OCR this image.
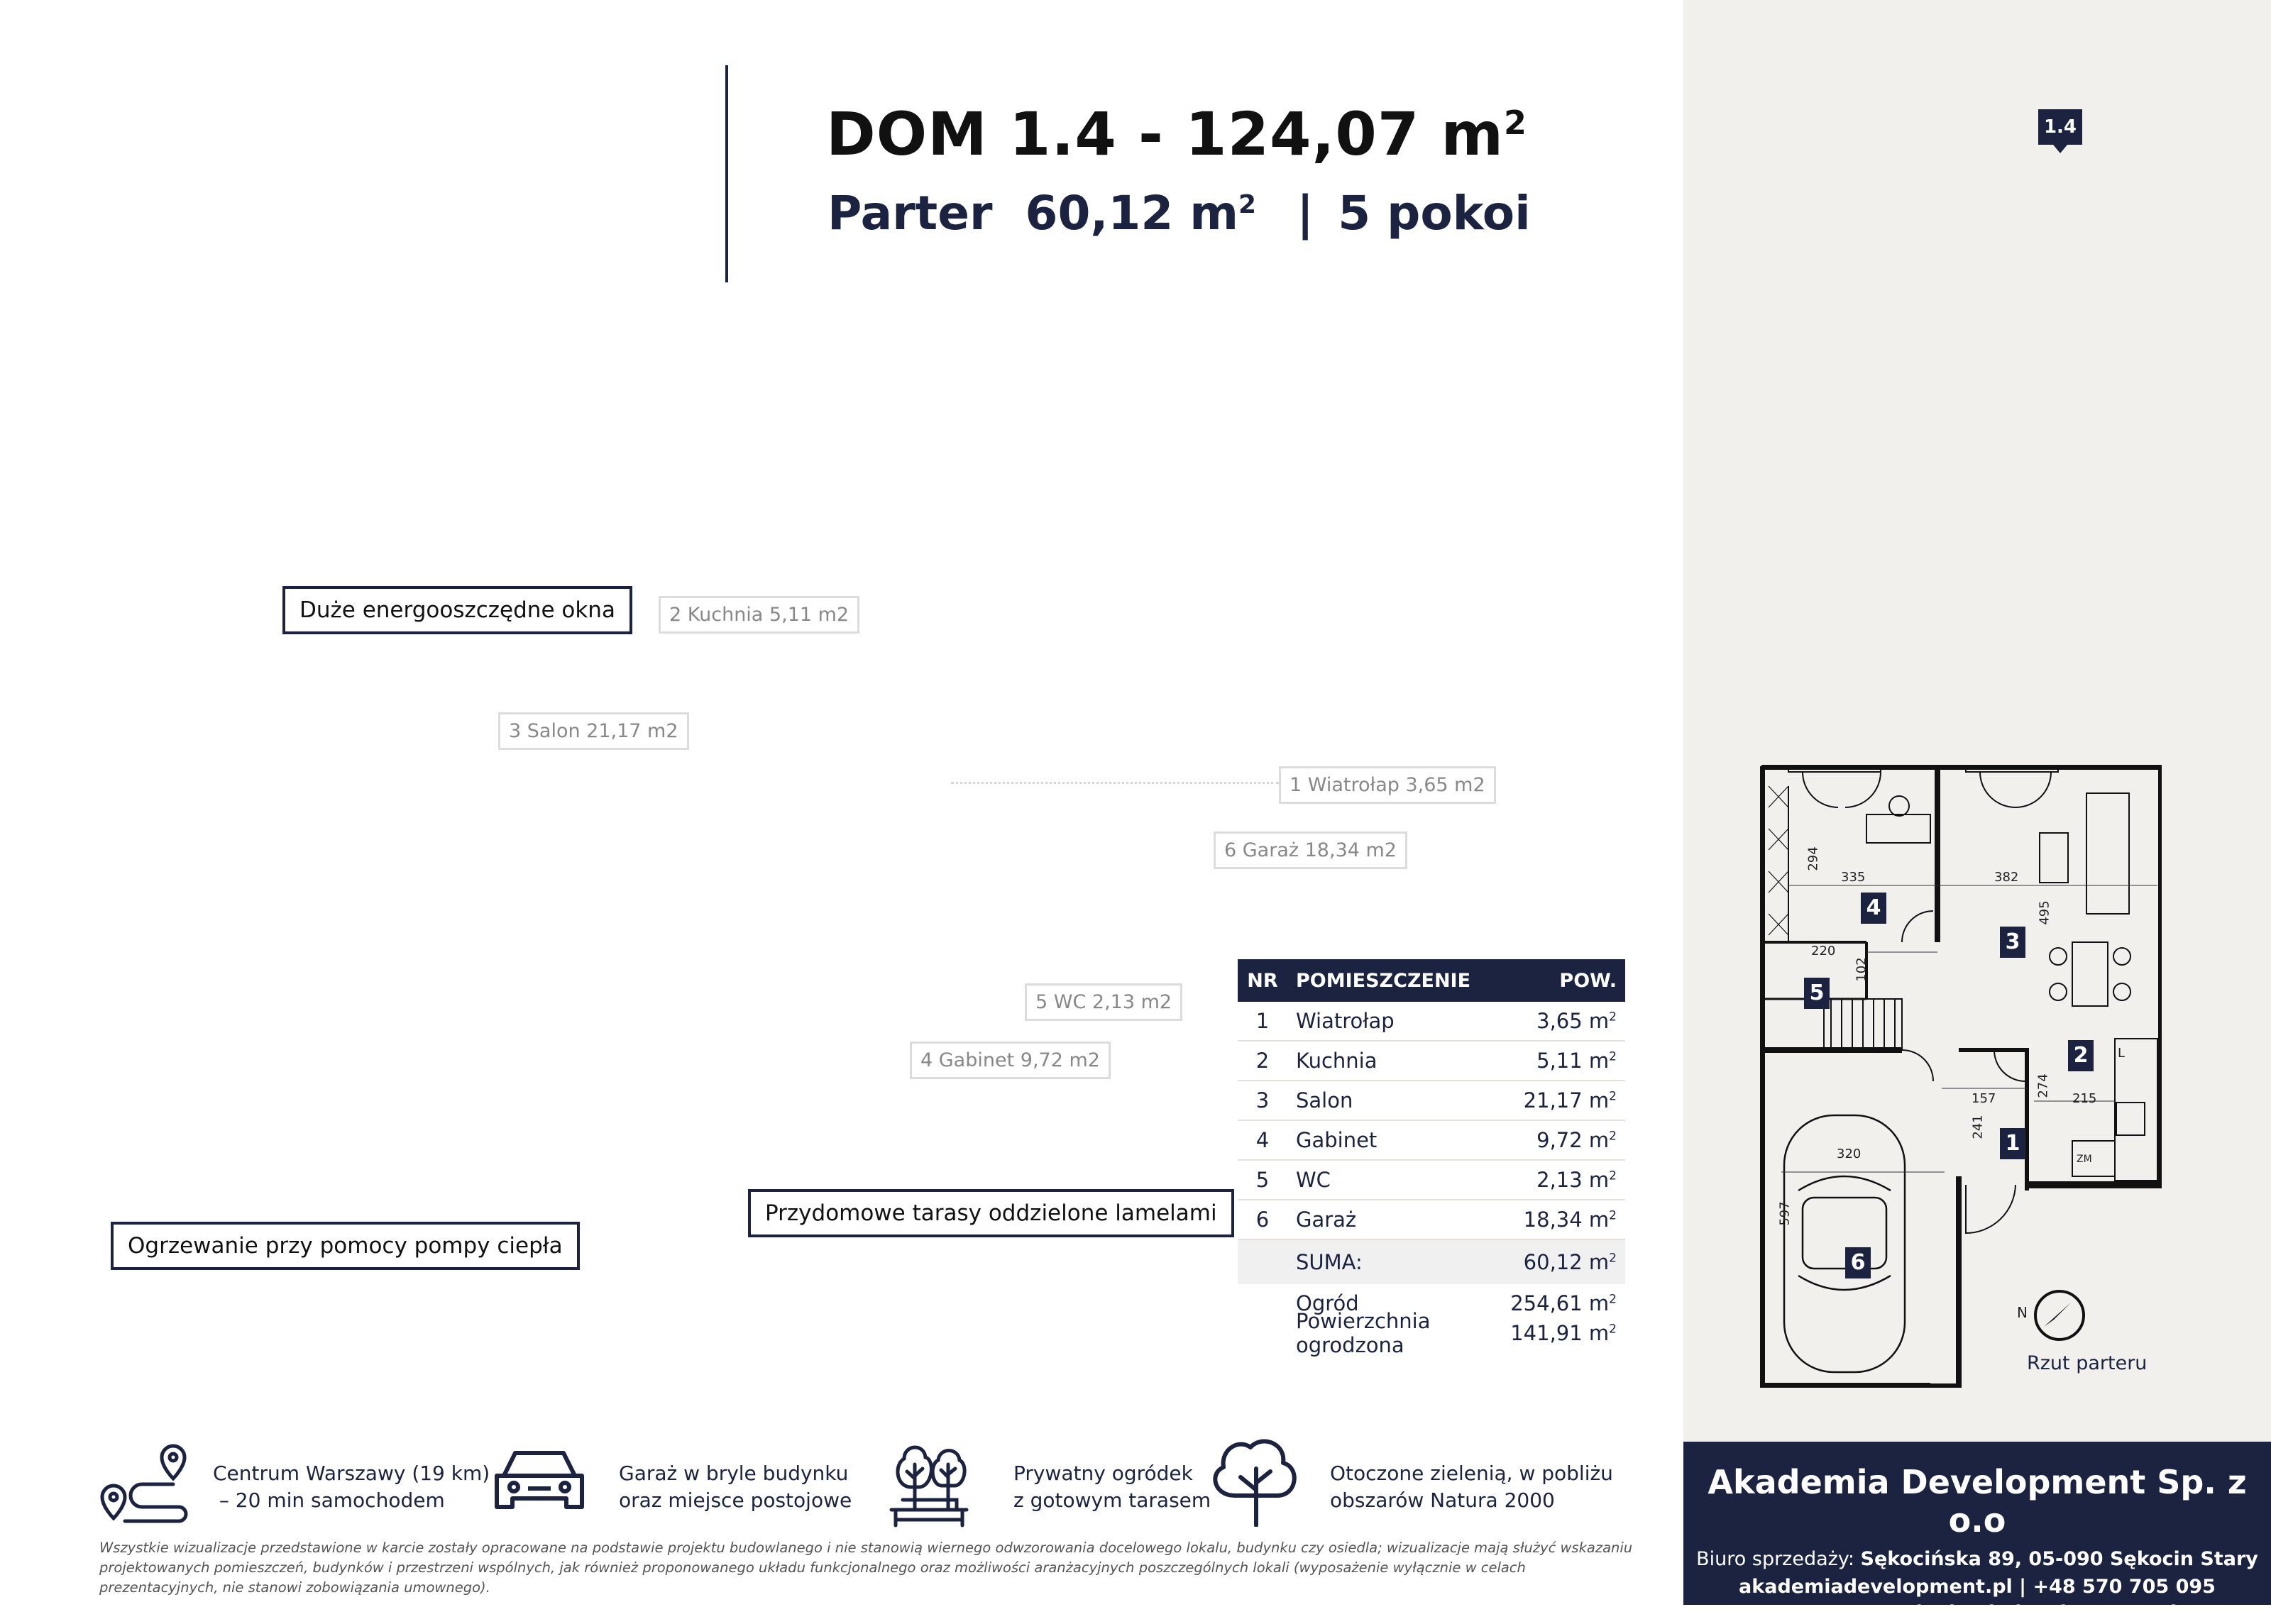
DOM 1.4 - 124,07 $m^2$
Parter 60,12 $m^2$ | 5 pokoi
1.4
Duże energooszczędne okna
Przydomowe tarasy oddzielone lamelami
Ogrzewanie przy pomocy pompy ciepła
2 Kuchnia 5,11 m2
3 Salon 21,17 m2
1 Wiatrołap 3,65 m2
6 Garaż 18,34 m2
5 WC 2,13 m2
4 Gabinet 9,72 m2
NR POMIESZCZENIE	POW.
1	Wiatrołap	3,65 $m^2$
2	Kuchnia	5,11 $m^2$
3	Salon	21,17 $m^2$
4	Gabinet	9,72 $m^2$
5	WC	2,13 $m^2$
6	Garaż	18,34 $m^2$
SUMA:	60,12 $m^2$
Ogród	254,61 $m^2$
Powierzchnia ogrodzona	141,91 $m^2$
4
3
5
2
1
6
294
335	382
495
220
102
157
274
215
241
320
597
L
ZM
N
Rzut parteru
Centrum Warszawy (19 km)
– 20 min samochodem
Garaż w bryle budynku
oraz miejsce postojowe
Prywatny ogródek
z gotowym tarasem
Otoczone zielenią, w pobliżu
obszarów Natura 2000
Wszystkie wizualizacje przedstawione w karcie zostały opracowane na podstawie projektu budowlanego i nie stanowią wiernego odwzorowania docelowego lokalu, budynku czy osiedla; wizualizacje mają służyć wskazaniu projektowanych pomieszczeń, budynków i przestrzeni wspólnych, jak również proponowanego układu funkcjonalnego oraz możliwości aranżacyjnych poszczególnych lokali (wyposażenie wyłącznie w celach prezentacyjnych, nie stanowi zobowiązania umownego).
Akademia Development Sp. z o.o
Biuro sprzedaży: Sękocińska 89, 05-090 Sękocin Stary
akademiadevelopment.pl | +48 570 705 095
warszawa@akademiadevelopment.pl
